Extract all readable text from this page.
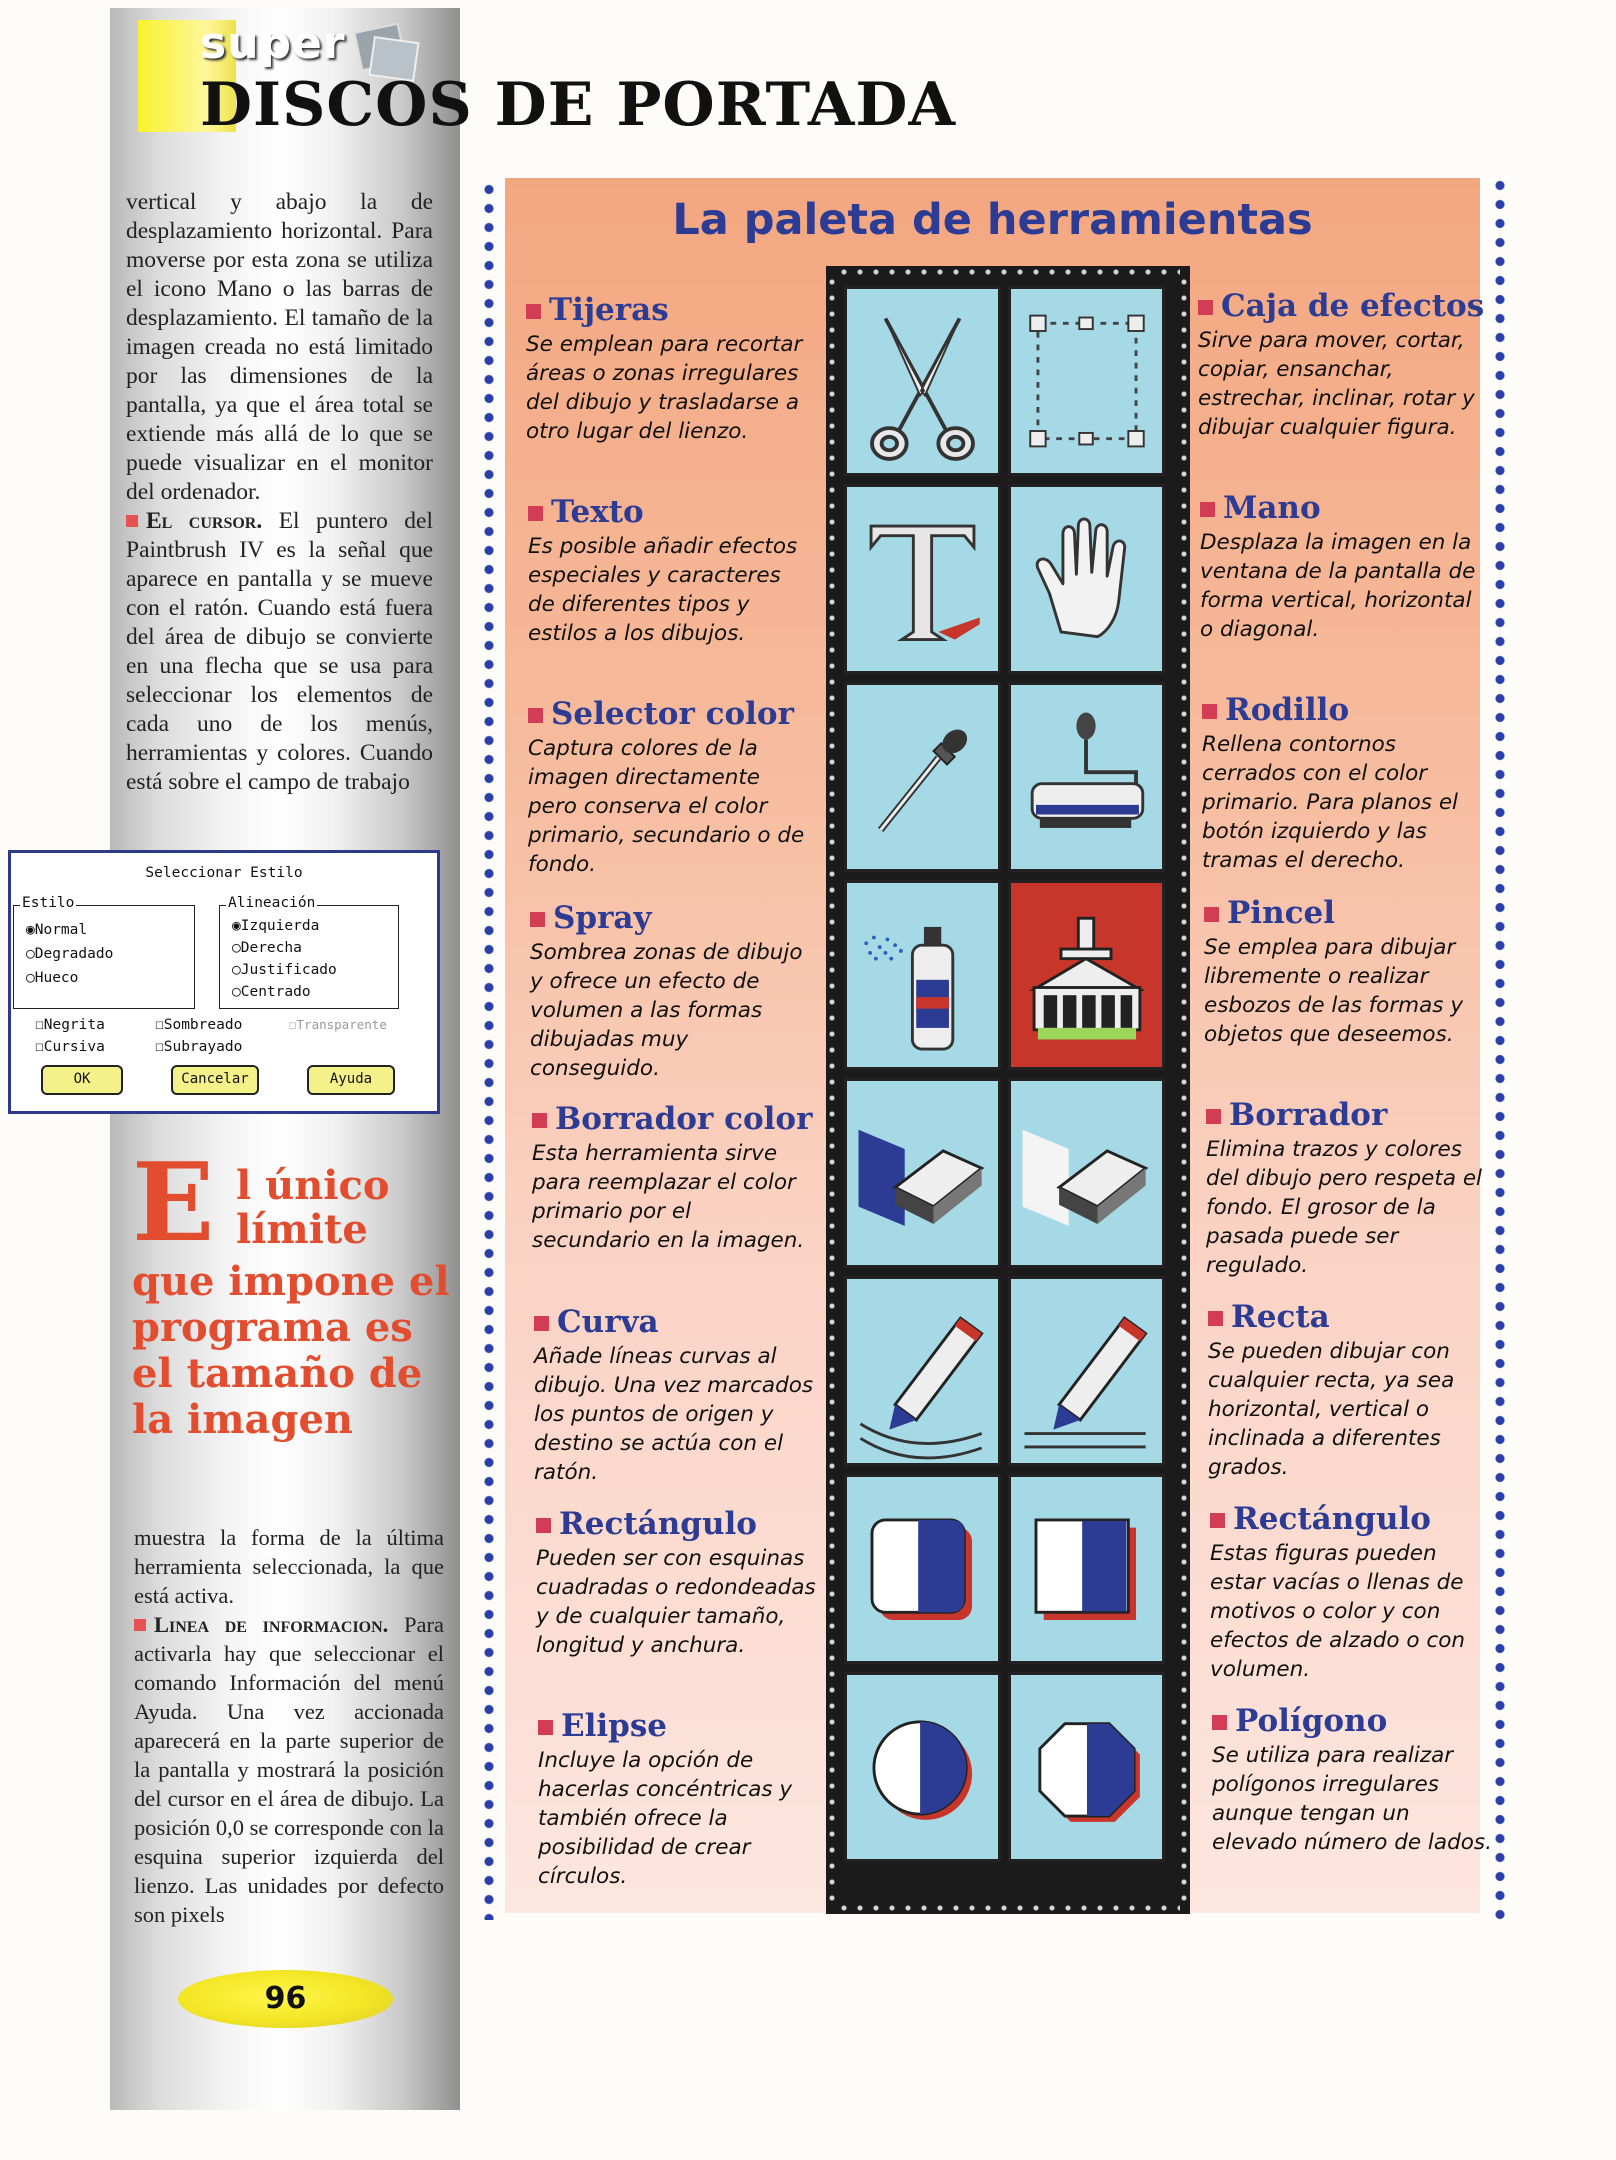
super
DISCOS DE PORTADA

vertical y abajo la de desplazamiento horizontal. Para moverse por esta zona se utiliza el icono Mano o las barras de desplazamiento. El tamaño de la imagen creada no está limitado por las dimensiones de la pantalla, ya que el área total se extiende más allá de lo que se puede visualizar en el monitor del ordenador.

El cursor. El puntero del Paintbrush IV es la señal que aparece en pantalla y se mueve con el ratón. Cuando está fuera del área de dibujo se convierte en una flecha que se usa para seleccionar los elementos de cada uno de los menús, herramientas y colores. Cuando está sobre el campo de trabajo

Seleccionar Estilo
Estilo
◉Normal
○Degradado
○Hueco
Alineación
◉Izquierda
○Derecha
○Justificado
○Centrado
☐Negrita
☐Cursiva
☐Sombreado
☐Subrayado
☐Transparente
OK	Cancelar	Ayuda
E l único
límite
que impone el programa es el tamaño de la imagen

muestra la forma de la última herramienta seleccionada, la que está activa.

Linea de informacion. Para activarla hay que seleccionar el comando Información del menú Ayuda. Una vez accionada aparecerá en la parte superior de la pantalla y mostrará la posición del cursor en el área de dibujo. La posición 0,0 se corresponde con la esquina superior izquierda del lienzo. Las unidades por defecto son pixels

96
La paleta de herramientas
Tijeras
Se emplean para recortar áreas o zonas irregulares del dibujo y trasladarse a otro lugar del lienzo.
Texto
Es posible añadir efectos especiales y caracteres de diferentes tipos y estilos a los dibujos.
Selector color
Captura colores de la imagen directamente pero conserva el color primario, secundario o de fondo.
Spray
Sombrea zonas de dibujo y ofrece un efecto de volumen a las formas dibujadas muy conseguido.
Borrador color
Esta herramienta sirve para reemplazar el color primario por el secundario en la imagen.
Curva
Añade líneas curvas al dibujo. Una vez marcados los puntos de origen y destino se actúa con el ratón.
Rectángulo
Pueden ser con esquinas cuadradas o redondeadas y de cualquier tamaño, longitud y anchura.
Elipse
Incluye la opción de hacerlas concéntricas y también ofrece la posibilidad de crear círculos.
Caja de efectos
Sirve para mover, cortar, copiar, ensanchar, estrechar, inclinar, rotar y dibujar cualquier figura.
Mano
Desplaza la imagen en la ventana de la pantalla de forma vertical, horizontal o diagonal.
Rodillo
Rellena contornos cerrados con el color primario. Para planos el botón izquierdo y las tramas el derecho.
Pincel
Se emplea para dibujar libremente o realizar esbozos de las formas y objetos que deseemos.
Borrador
Elimina trazos y colores del dibujo pero respeta el fondo. El grosor de la pasada puede ser regulado.
Recta
Se pueden dibujar con cualquier recta, ya sea horizontal, vertical o inclinada a diferentes grados.
Rectángulo
Estas figuras pueden estar vacías o llenas de motivos o color y con efectos de alzado o con volumen.
Polígono
Se utiliza para realizar polígonos irregulares aunque tengan un elevado número de lados.
